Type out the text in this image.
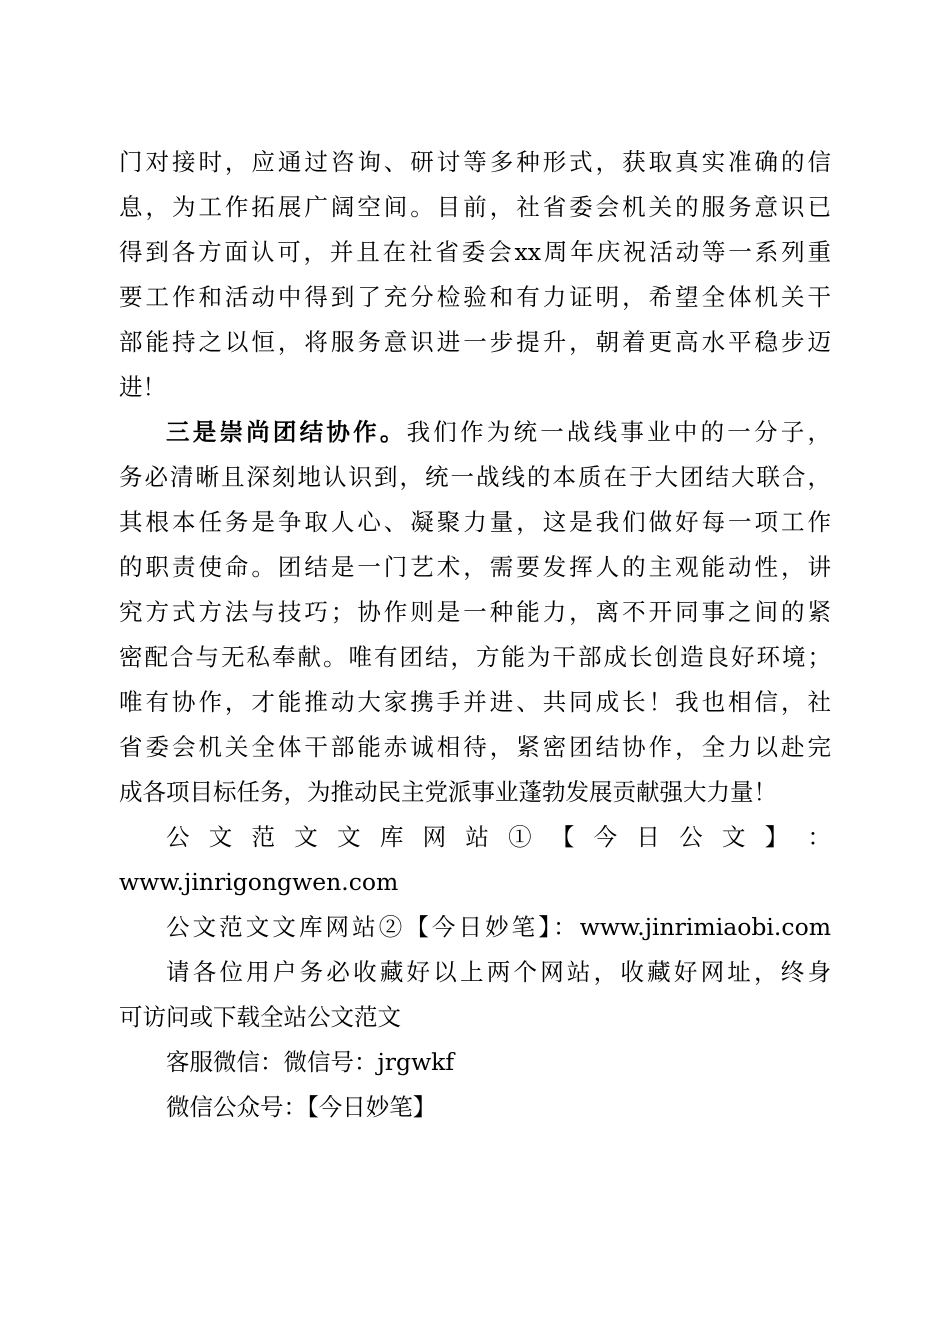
门对接时，应通过咨询、研讨等多种形式，获取真实准确的信
息，为工作拓展广阔空间。目前，社省委会机关的服务意识已
得到各方面认可，并且在社省委会xx周年庆祝活动等一系列重
要工作和活动中得到了充分检验和有力证明，希望全体机关干
部能持之以恒，将服务意识进一步提升，朝着更高水平稳步迈
进！
三是崇尚团结协作。我们作为统一战线事业中的一分子，
务必清晰且深刻地认识到，统一战线的本质在于大团结大联合，
其根本任务是争取人心、凝聚力量，这是我们做好每一项工作
的职责使命。团结是一门艺术，需要发挥人的主观能动性，讲
究方式方法与技巧；协作则是一种能力，离不开同事之间的紧
密配合与无私奉献。唯有团结，方能为干部成长创造良好环境；
唯有协作，才能推动大家携手并进、共同成长！我也相信，社
省委会机关全体干部能赤诚相待，紧密团结协作，全力以赴完
成各项目标任务，为推动民主党派事业蓬勃发展贡献强大力量！
公 文 范 文 文 库 网 站 ① 【 今 日 公 文 】 ：
www.jinrigongwen.com
公文范文文库网站②【今日妙笔】：www.jinrimiaobi.com
请各位用户务必收藏好以上两个网站，收藏好网址，终身
可访问或下载全站公文范文
客服微信：微信号：jrgwkf
微信公众号：【今日妙笔】
